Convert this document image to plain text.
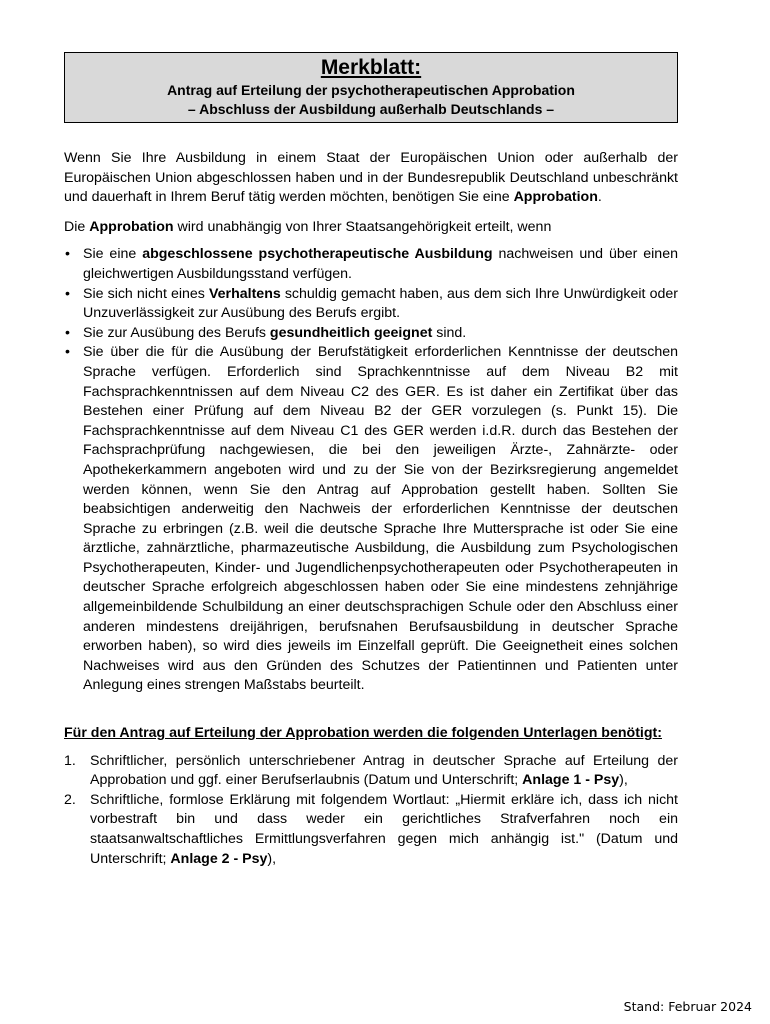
Merkblatt:
Antrag auf Erteilung der psychotherapeutischen Approbation
– Abschluss der Ausbildung außerhalb Deutschlands –

Wenn Sie Ihre Ausbildung in einem Staat der Europäischen Union oder außerhalb der Europäischen Union abgeschlossen haben und in der Bundesrepublik Deutschland unbeschränkt und dauerhaft in Ihrem Beruf tätig werden möchten, benötigen Sie eine Approbation.

Die Approbation wird unabhängig von Ihrer Staatsangehörigkeit erteilt, wenn

• Sie eine abgeschlossene psychotherapeutische Ausbildung nachweisen und über einen gleichwertigen Ausbildungsstand verfügen.
• Sie sich nicht eines Verhaltens schuldig gemacht haben, aus dem sich Ihre Unwürdigkeit oder Unzuverlässigkeit zur Ausübung des Berufs ergibt.
• Sie zur Ausübung des Berufs gesundheitlich geeignet sind.
• Sie über die für die Ausübung der Berufstätigkeit erforderlichen Kenntnisse der deutschen Sprache verfügen. Erforderlich sind Sprachkenntnisse auf dem Niveau B2 mit Fachsprachkenntnissen auf dem Niveau C2 des GER. Es ist daher ein Zertifikat über das Bestehen einer Prüfung auf dem Niveau B2 der GER vorzulegen (s. Punkt 15). Die Fachsprachkenntnisse auf dem Niveau C1 des GER werden i.d.R. durch das Bestehen der Fachsprachprüfung nachgewiesen, die bei den jeweiligen Ärzte-, Zahnärzte- oder Apothekerkammern angeboten wird und zu der Sie von der Bezirksregierung angemeldet werden können, wenn Sie den Antrag auf Approbation gestellt haben. Sollten Sie beabsichtigen anderweitig den Nachweis der erforderlichen Kenntnisse der deutschen Sprache zu erbringen (z.B. weil die deutsche Sprache Ihre Muttersprache ist oder Sie eine ärztliche, zahnärztliche, pharmazeutische Ausbildung, die Ausbildung zum Psychologischen Psychotherapeuten, Kinder- und Jugendlichenpsychotherapeuten oder Psychotherapeuten in deutscher Sprache erfolgreich abgeschlossen haben oder Sie eine mindestens zehnjährige allgemeinbildende Schulbildung an einer deutschsprachigen Schule oder den Abschluss einer anderen mindestens dreijährigen, berufsnahen Berufsausbildung in deutscher Sprache erworben haben), so wird dies jeweils im Einzelfall geprüft. Die Geeignetheit eines solchen Nachweises wird aus den Gründen des Schutzes der Patientinnen und Patienten unter Anlegung eines strengen Maßstabs beurteilt.
Für den Antrag auf Erteilung der Approbation werden die folgenden Unterlagen benötigt:
1. Schriftlicher, persönlich unterschriebener Antrag in deutscher Sprache auf Erteilung der Approbation und ggf. einer Berufserlaubnis (Datum und Unterschrift; Anlage 1 - Psy),
2. Schriftliche, formlose Erklärung mit folgendem Wortlaut: „Hiermit erkläre ich, dass ich nicht vorbestraft bin und dass weder ein gerichtliches Strafverfahren noch ein staatsanwaltschaftliches Ermittlungsverfahren gegen mich anhängig ist." (Datum und Unterschrift; Anlage 2 - Psy),
Stand: Februar 2024
